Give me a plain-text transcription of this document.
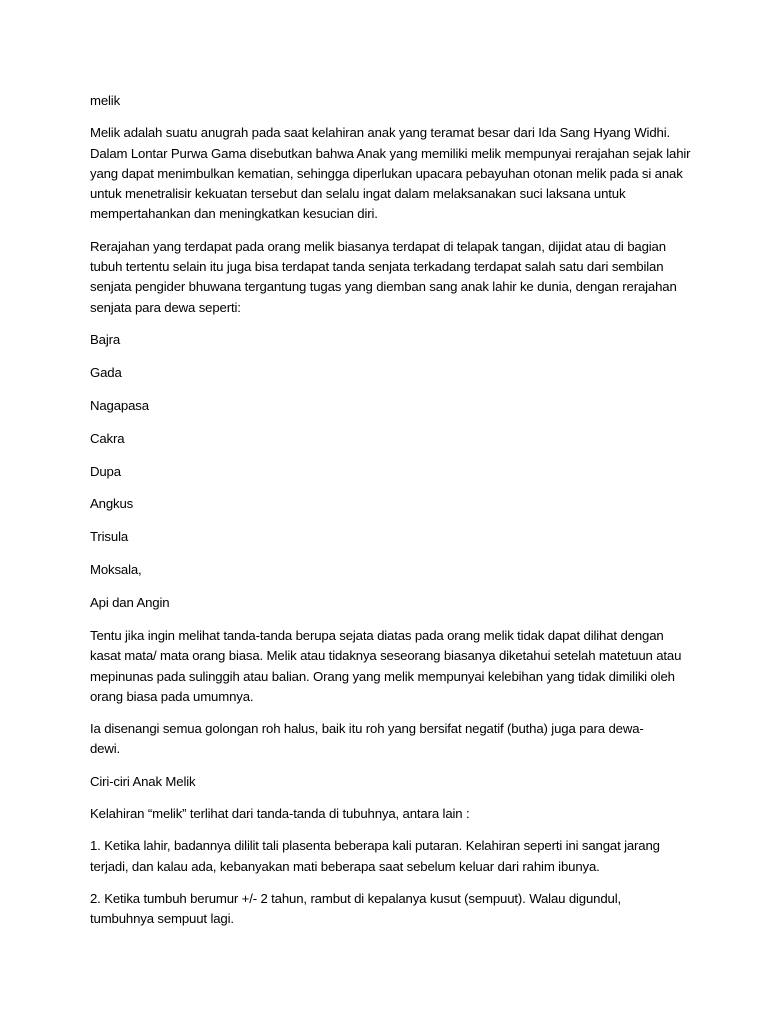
melik

Melik adalah suatu anugrah pada saat kelahiran anak yang teramat besar dari Ida Sang Hyang Widhi.
Dalam Lontar Purwa Gama disebutkan bahwa Anak yang memiliki melik mempunyai rerajahan sejak lahir
yang dapat menimbulkan kematian, sehingga diperlukan upacara pebayuhan otonan melik pada si anak
untuk menetralisir kekuatan tersebut dan selalu ingat dalam melaksanakan suci laksana untuk
mempertahankan dan meningkatkan kesucian diri.

Rerajahan yang terdapat pada orang melik biasanya terdapat di telapak tangan, dijidat atau di bagian
tubuh tertentu selain itu juga bisa terdapat tanda senjata terkadang terdapat salah satu dari sembilan
senjata pengider bhuwana tergantung tugas yang diemban sang anak lahir ke dunia, dengan rerajahan
senjata para dewa seperti:

Bajra

Gada

Nagapasa

Cakra

Dupa

Angkus

Trisula

Moksala,

Api dan Angin

Tentu jika ingin melihat tanda-tanda berupa sejata diatas pada orang melik tidak dapat dilihat dengan
kasat mata/ mata orang biasa. Melik atau tidaknya seseorang biasanya diketahui setelah matetuun atau
mepinunas pada sulinggih atau balian. Orang yang melik mempunyai kelebihan yang tidak dimiliki oleh
orang biasa pada umumnya.

Ia disenangi semua golongan roh halus, baik itu roh yang bersifat negatif (butha) juga para dewa-dewi.

Ciri-ciri Anak Melik

Kelahiran “melik” terlihat dari tanda-tanda di tubuhnya, antara lain :

1. Ketika lahir, badannya dililit tali plasenta beberapa kali putaran. Kelahiran seperti ini sangat jarang
terjadi, dan kalau ada, kebanyakan mati beberapa saat sebelum keluar dari rahim ibunya.

2. Ketika tumbuh berumur +/- 2 tahun, rambut di kepalanya kusut (sempuut). Walau digundul,
tumbuhnya sempuut lagi.
